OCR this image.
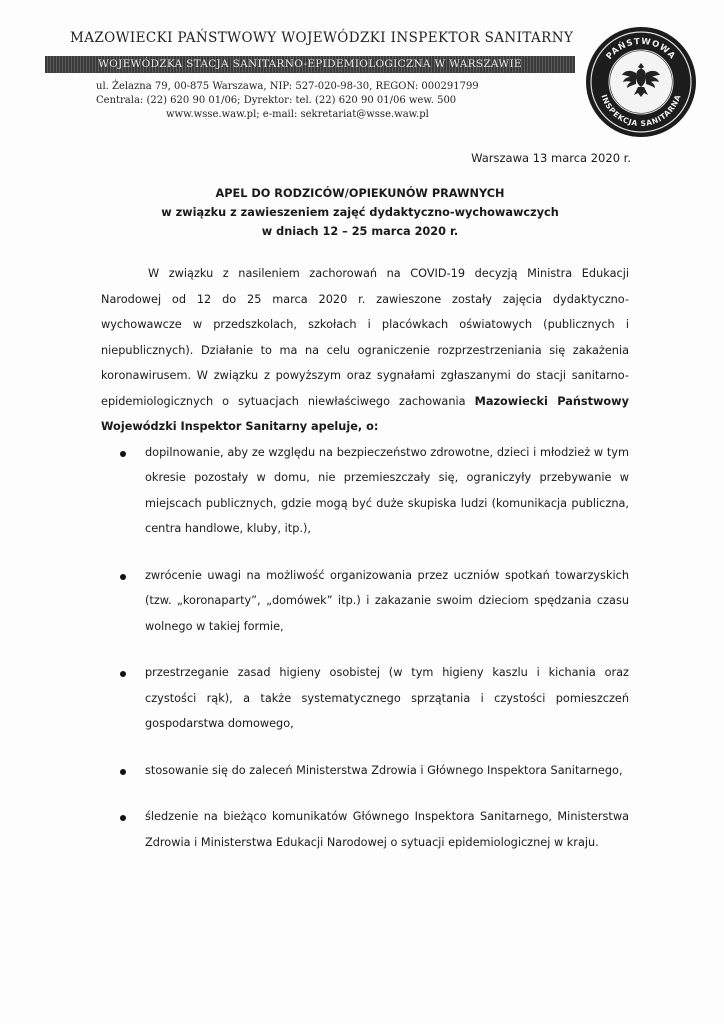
MAZOWIECKI PAŃSTWOWY WOJEWÓDZKI INSPEKTOR SANITARNY
WOJEWÓDZKA STACJA SANITARNO-EPIDEMIOLOGICZNA W WARSZAWIE
ul. Żelazna 79, 00-875 Warszawa, NIP: 527-020-98-30, REGON: 000291799
Centrala: (22) 620 90 01/06; Dyrektor: tel. (22) 620 90 01/06 wew. 500
www.wsse.waw.pl; e-mail: sekretariat@wsse.waw.pl
PAŃSTWOWA
INSPEKCJA SANITARNA
Warszawa 13 marca 2020 r.
APEL DO RODZICÓW/OPIEKUNÓW PRAWNYCH
w związku z zawieszeniem zajęć dydaktyczno-wychowawczych
w dniach 12 – 25 marca 2020 r.

W związku z nasileniem zachorowań na COVID-19 decyzją Ministra Edukacji Narodowej od 12 do 25 marca 2020 r. zawieszone zostały zajęcia dydaktyczno-wychowawcze w przedszkolach, szkołach i placówkach oświatowych (publicznych i niepublicznych). Działanie to ma na celu ograniczenie rozprzestrzeniania się zakażenia koronawirusem. W związku z powyższym oraz sygnałami zgłaszanymi do stacji sanitarno-epidemiologicznych o sytuacjach niewłaściwego zachowania Mazowiecki Państwowy Wojewódzki Inspektor Sanitarny apeluje, o:

dopilnowanie, aby ze względu na bezpieczeństwo zdrowotne, dzieci i młodzież w tym okresie pozostały w domu, nie przemieszczały się, ograniczyły przebywanie w miejscach publicznych, gdzie mogą być duże skupiska ludzi (komunikacja publiczna, centra handlowe, kluby, itp.),
zwrócenie uwagi na możliwość organizowania przez uczniów spotkań towarzyskich (tzw. „koronaparty”, „domówek” itp.) i zakazanie swoim dzieciom spędzania czasu wolnego w takiej formie,
przestrzeganie zasad higieny osobistej (w tym higieny kaszlu i kichania oraz czystości rąk), a także systematycznego sprzątania i czystości pomieszczeń gospodarstwa domowego,
stosowanie się do zaleceń Ministerstwa Zdrowia i Głównego Inspektora Sanitarnego,
śledzenie na bieżąco komunikatów Głównego Inspektora Sanitarnego, Ministerstwa Zdrowia i Ministerstwa Edukacji Narodowej o sytuacji epidemiologicznej w kraju.
